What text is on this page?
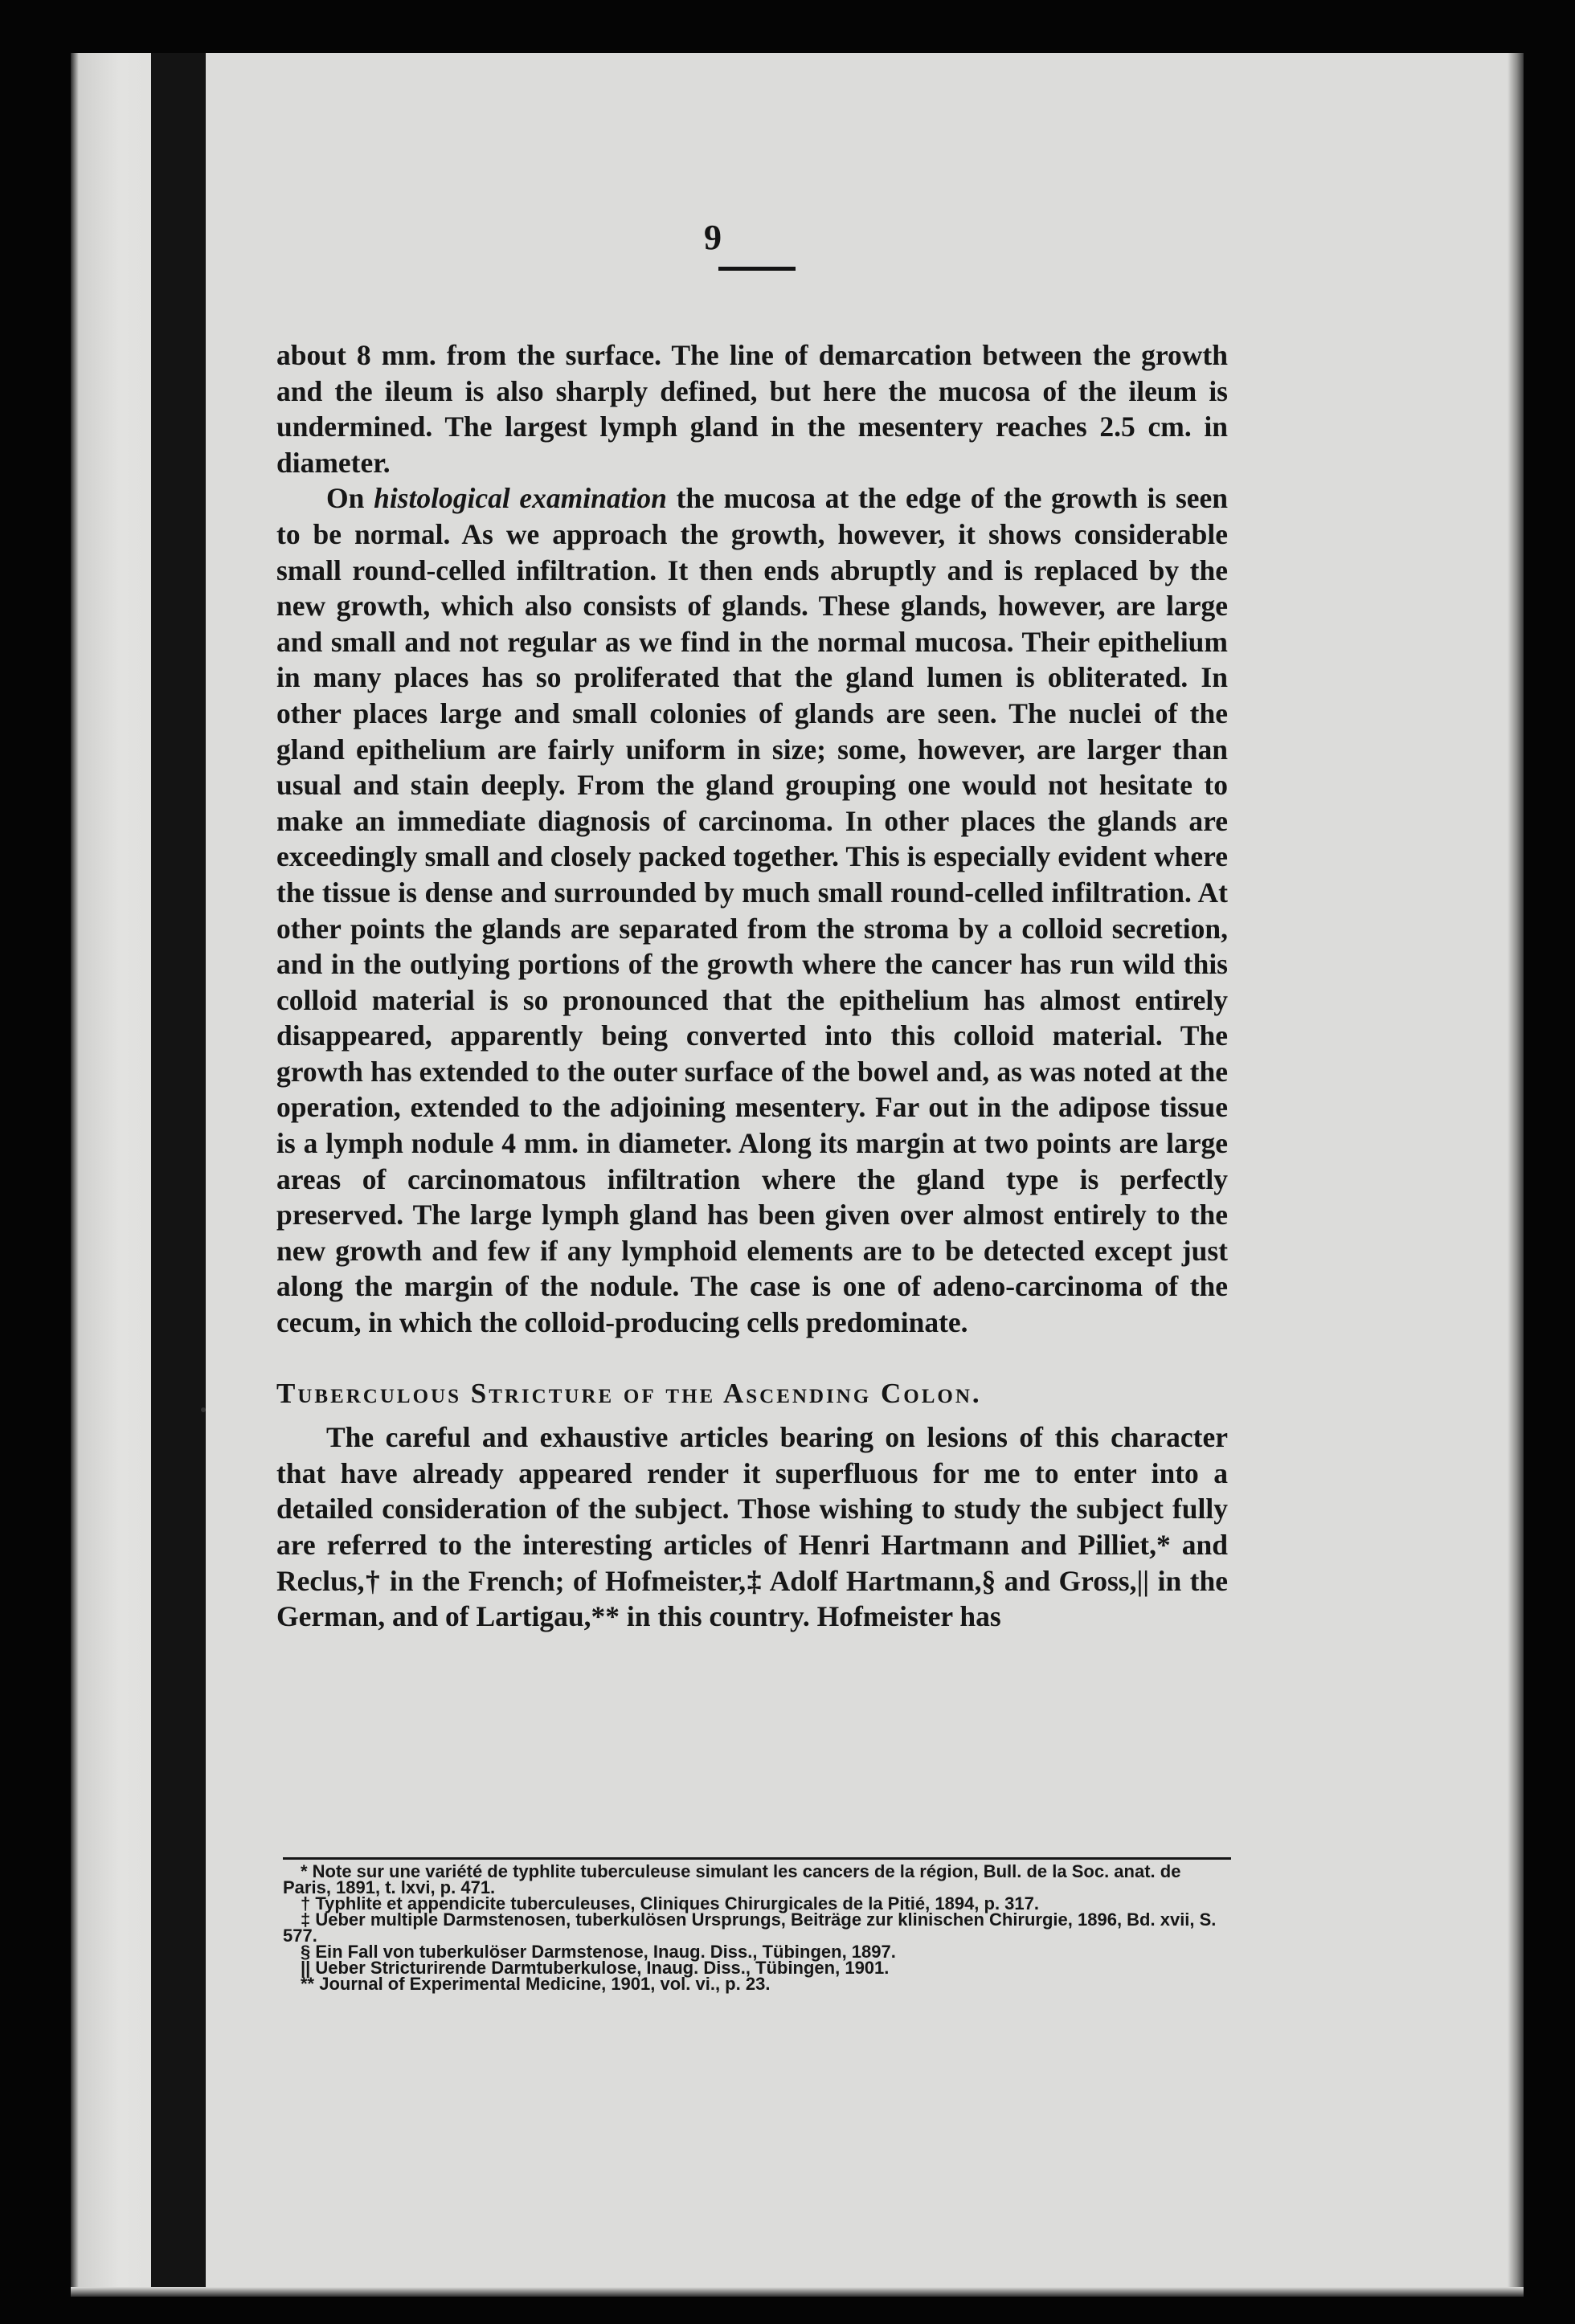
9

about 8 mm. from the surface. The line of demarcation between the growth and the ileum is also sharply defined, but here the mucosa of the ileum is undermined. The largest lymph gland in the mesentery reaches 2.5 cm. in diameter.

On histological examination the mucosa at the edge of the growth is seen to be normal. As we approach the growth, however, it shows considerable small round-celled infiltration. It then ends abruptly and is replaced by the new growth, which also consists of glands. These glands, however, are large and small and not regular as we find in the normal mucosa. Their epithelium in many places has so proliferated that the gland lumen is obliterated. In other places large and small colonies of glands are seen. The nuclei of the gland epithelium are fairly uniform in size; some, however, are larger than usual and stain deeply. From the gland grouping one would not hesitate to make an immediate diagnosis of carcinoma. In other places the glands are exceedingly small and closely packed together. This is especially evident where the tissue is dense and surrounded by much small round-celled infiltration. At other points the glands are separated from the stroma by a colloid secretion, and in the outlying portions of the growth where the cancer has run wild this colloid material is so pronounced that the epithelium has almost entirely disappeared, apparently being converted into this colloid material. The growth has extended to the outer surface of the bowel and, as was noted at the operation, extended to the adjoining mesentery. Far out in the adipose tissue is a lymph nodule 4 mm. in diameter. Along its margin at two points are large areas of carcinomatous infiltration where the gland type is perfectly preserved. The large lymph gland has been given over almost entirely to the new growth and few if any lymphoid elements are to be detected except just along the margin of the nodule. The case is one of adeno-carcinoma of the cecum, in which the colloid-producing cells predominate.

Tuberculous Stricture of the Ascending Colon.

The careful and exhaustive articles bearing on lesions of this character that have already appeared render it superfluous for me to enter into a detailed consideration of the subject. Those wishing to study the subject fully are referred to the interesting articles of Henri Hartmann and Pilliet,* and Reclus,† in the French; of Hofmeister,‡ Adolf Hartmann,§ and Gross,|| in the German, and of Lartigau,** in this country. Hofmeister has

* Note sur une variété de typhlite tuberculeuse simulant les cancers de la région, Bull. de la Soc. anat. de Paris, 1891, t. lxvi, p. 471.

† Typhlite et appendicite tuberculeuses, Cliniques Chirurgicales de la Pitié, 1894, p. 317.

‡ Ueber multiple Darmstenosen, tuberkulösen Ursprungs, Beiträge zur klinischen Chirurgie, 1896, Bd. xvii, S. 577.

§ Ein Fall von tuberkulöser Darmstenose, Inaug. Diss., Tübingen, 1897.

|| Ueber Stricturirende Darmtuberkulose, Inaug. Diss., Tübingen, 1901.

** Journal of Experimental Medicine, 1901, vol. vi., p. 23.
